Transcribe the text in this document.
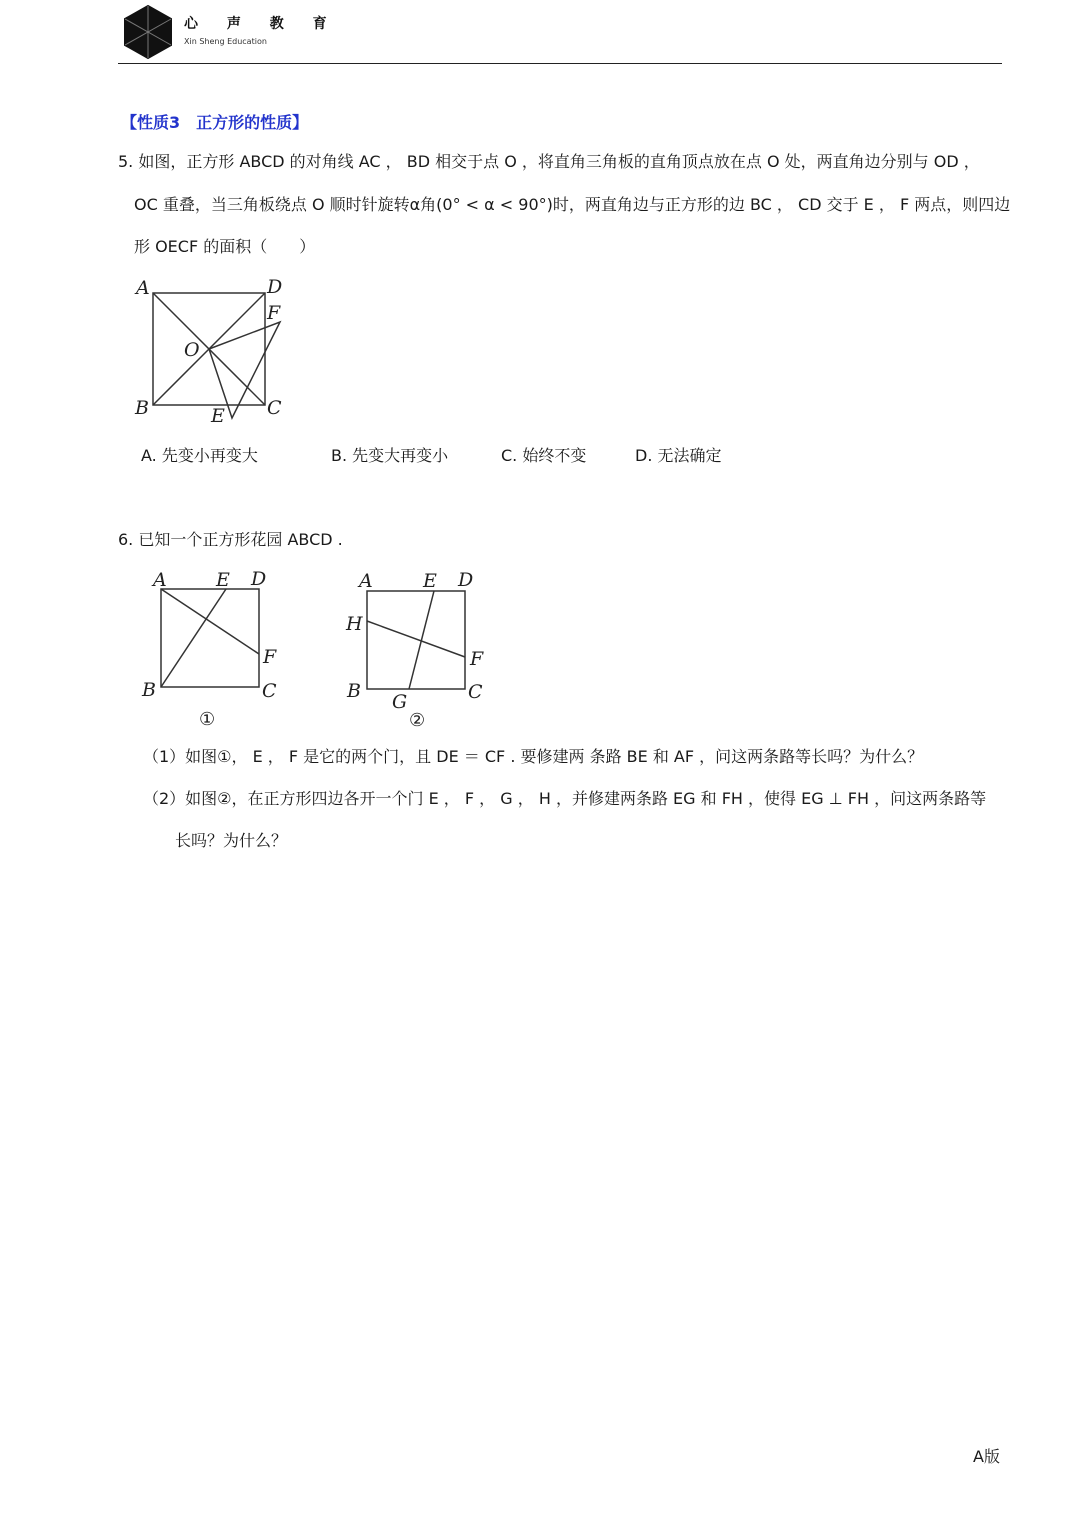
心 声 教 育
Xin Sheng Education
【性质3　正方形的性质】
5. 如图，正方形 ABCD 的对角线 AC ， BD 相交于点 O ，将直角三角板的直角顶点放在点 O 处，两直角边分别与 OD ，
OC 重叠，当三角板绕点 O 顺时针旋转α角(0° < α < 90°)时，两直角边与正方形的边 BC ， CD 交于 E ， F 两点，则四边
形 OECF 的面积（　　）
A	D
F
O
B	E C
A. 先变小再变大	B. 先变大再变小	C. 始终不变	D. 无法确定
6. 已知一个正方形花园 ABCD .
A	E D
F
B	C
①
A	E D
H
F
B G	C
②
（1）如图①， E ， F 是它的两个门，且 DE ＝ CF . 要修建两 条路 BE 和 AF ，问这两条路等长吗？为什么？
（2）如图②，在正方形四边各开一个门 E ， F ， G ， H ，并修建两条路 EG 和 FH ，使得 EG ⊥ FH ，问这两条路等
长吗？为什么？
A版
